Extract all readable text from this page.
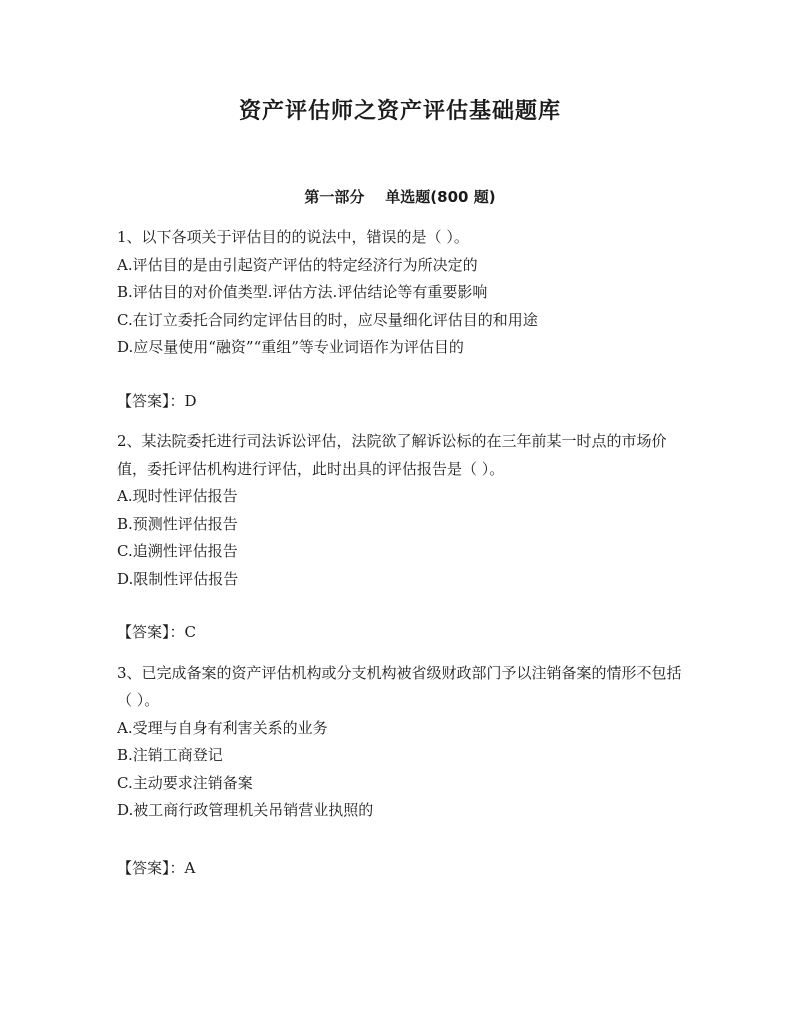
资产评估师之资产评估基础题库
第一部分    单选题(800 题)

1、以下各项关于评估目的的说法中，错误的是（ ）。

A.评估目的是由引起资产评估的特定经济行为所决定的

B.评估目的对价值类型.评估方法.评估结论等有重要影响

C.在订立委托合同约定评估目的时，应尽量细化评估目的和用途

D.应尽量使用“融资”“重组”等专业词语作为评估目的

【答案】：D

2、某法院委托进行司法诉讼评估，法院欲了解诉讼标的在三年前某一时点的市场价值，委托评估机构进行评估，此时出具的评估报告是（ ）。

A.现时性评估报告

B.预测性评估报告

C.追溯性评估报告

D.限制性评估报告

【答案】：C

3、已完成备案的资产评估机构或分支机构被省级财政部门予以注销备案的情形不包括（ ）。

A.受理与自身有利害关系的业务

B.注销工商登记

C.主动要求注销备案

D.被工商行政管理机关吊销营业执照的

【答案】：A
